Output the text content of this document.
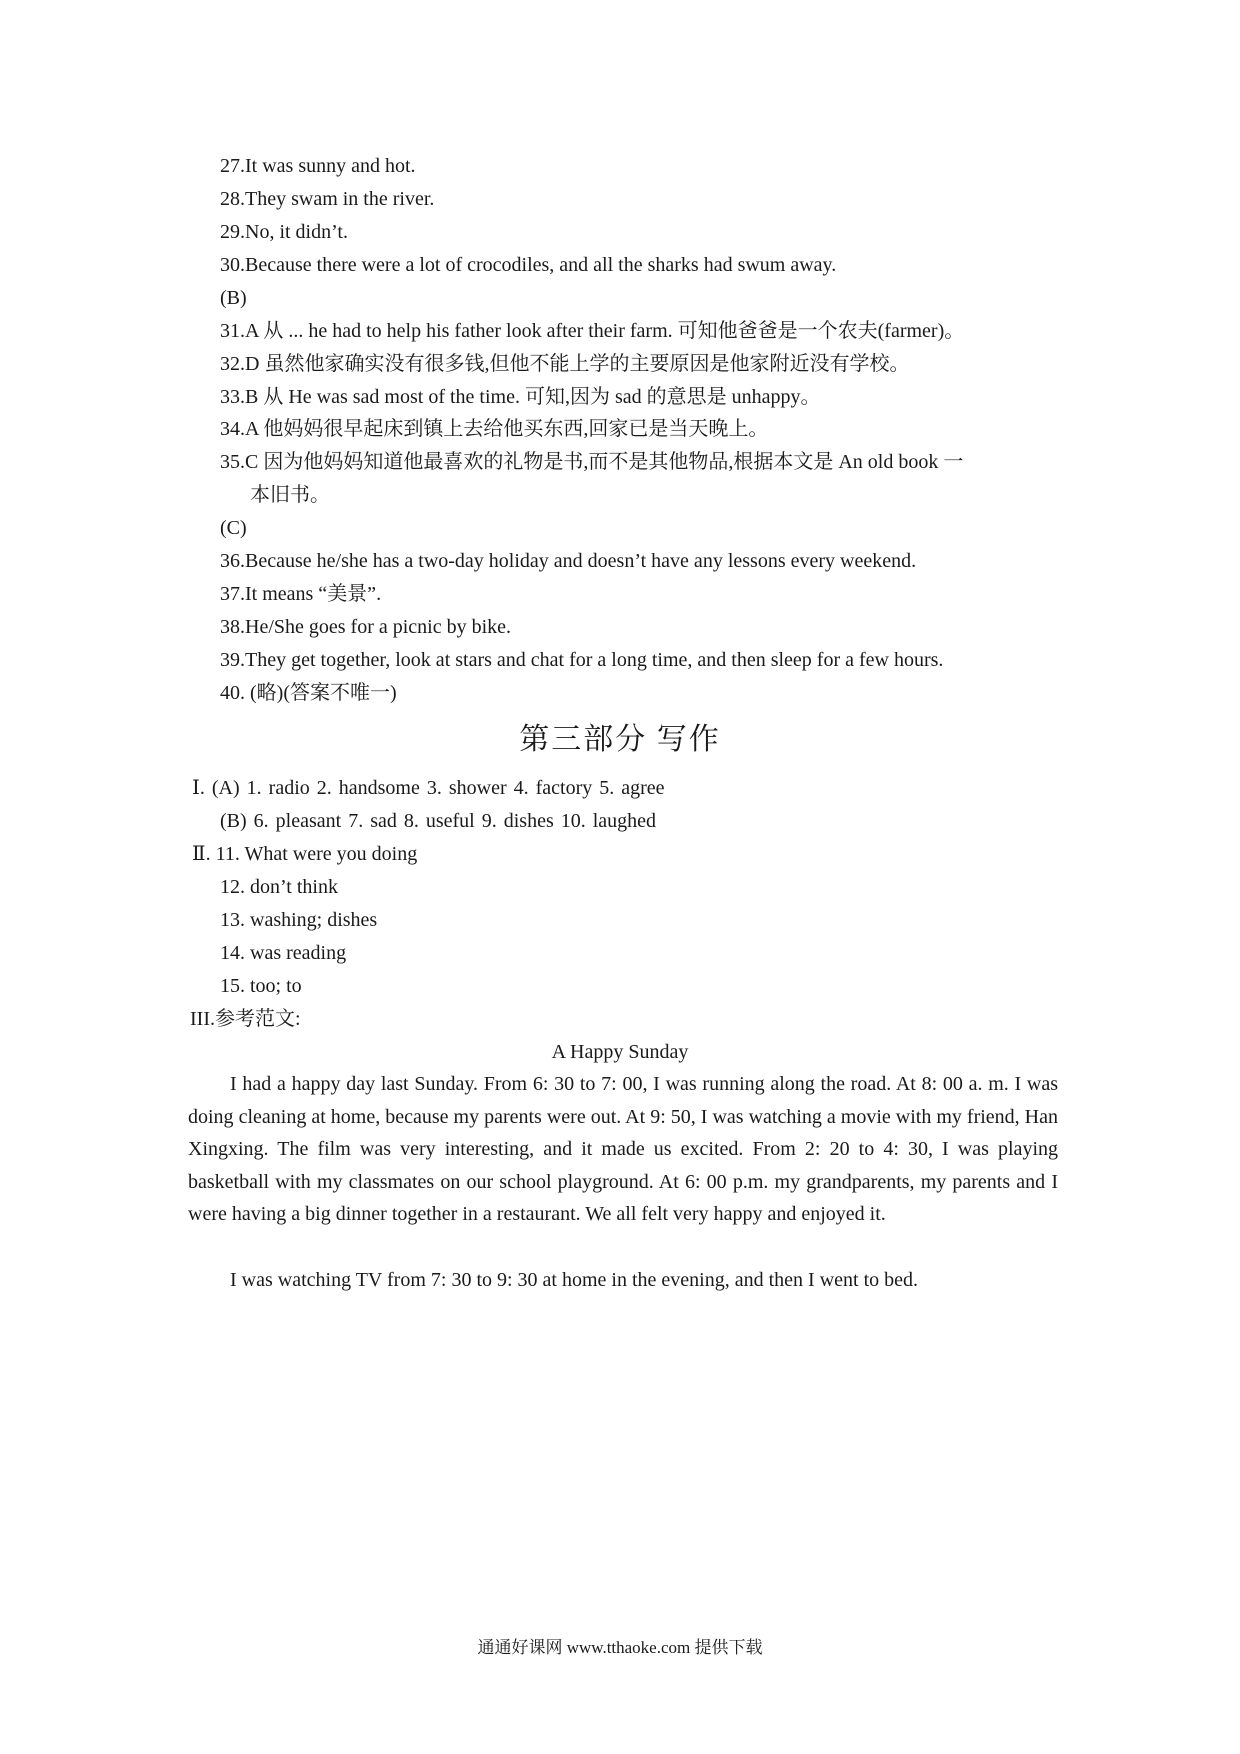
27.It was sunny and hot.
28.They swam in the river.
29.No, it didn’t.
30.Because there were a lot of crocodiles, and all the sharks had swum away.
(B)
31.A 从 ... he had to help his father look after their farm. 可知他爸爸是一个农夫(farmer)。
32.D 虽然他家确实没有很多钱,但他不能上学的主要原因是他家附近没有学校。
33.B 从 He was sad most of the time. 可知,因为 sad 的意思是 unhappy。
34.A 他妈妈很早起床到镇上去给他买东西,回家已是当天晚上。
35.C 因为他妈妈知道他最喜欢的礼物是书,而不是其他物品,根据本文是 An old book 一
本旧书。
(C)
36.Because he/she has a two-day holiday and doesn’t have any lessons every weekend.
37.It means “美景”.
38.He/She goes for a picnic by bike.
39.They get together, look at stars and chat for a long time, and then sleep for a few hours.
40. (略)(答案不唯一)
第三部分 写作
Ⅰ. (A) 1. radio 2. handsome 3. shower 4. factory 5. agree
(B) 6. pleasant 7. sad 8. useful 9. dishes 10. laughed
Ⅱ. 11. What were you doing
12. don’t think
13. washing; dishes
14. was reading
15. too; to
III.参考范文:
A Happy Sunday
I had a happy day last Sunday. From 6: 30 to 7: 00, I was running along the road. At 8: 00 a. m. I was doing cleaning at home, because my parents were out. At 9: 50, I was watching a movie with my friend, Han Xingxing. The film was very interesting, and it made us excited. From 2: 20 to 4: 30, I was playing basketball with my classmates on our school playground. At 6: 00 p.m. my grandparents, my parents and I were having a big dinner together in a restaurant. We all felt very happy and enjoyed it.
I was watching TV from 7: 30 to 9: 30 at home in the evening, and then I went to bed.
通通好课网 www.tthaoke.com 提供下载
